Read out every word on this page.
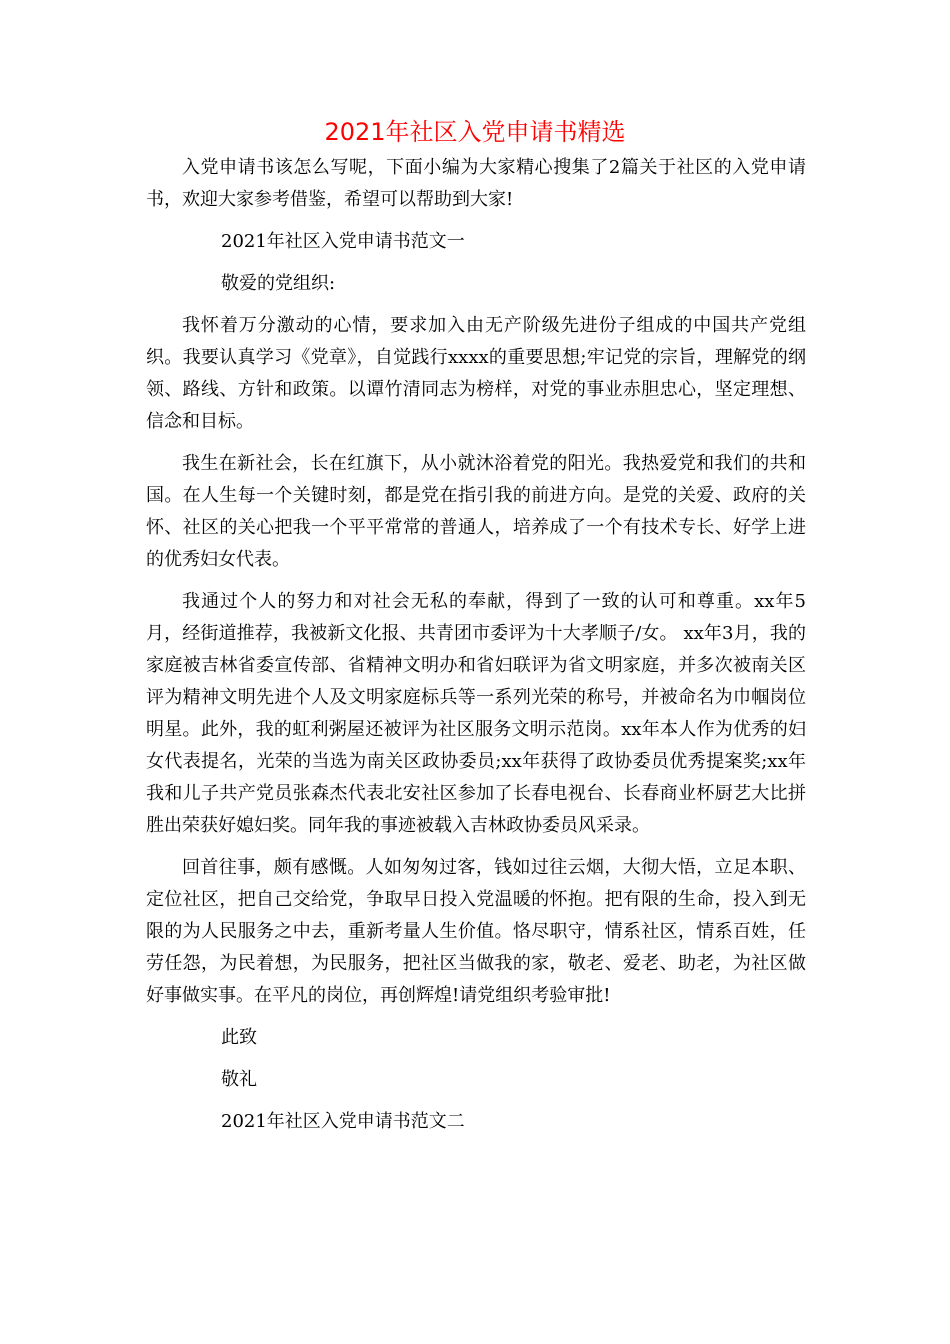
2021年社区入党申请书精选

入党申请书该怎么写呢，下面小编为大家精心搜集了2篇关于社区的入党申请书，欢迎大家参考借鉴，希望可以帮助到大家!

2021年社区入党申请书范文一

敬爱的党组织:

我怀着万分激动的心情，要求加入由无产阶级先进份子组成的中国共产党组织。我要认真学习《党章》，自觉践行xxxx的重要思想;牢记党的宗旨，理解党的纲领、路线、方针和政策。以谭竹清同志为榜样，对党的事业赤胆忠心，坚定理想、信念和目标。

我生在新社会，长在红旗下，从小就沐浴着党的阳光。我热爱党和我们的共和国。在人生每一个关键时刻，都是党在指引我的前进方向。是党的关爱、政府的关怀、社区的关心把我一个平平常常的普通人，培养成了一个有技术专长、好学上进的优秀妇女代表。

我通过个人的努力和对社会无私的奉献，得到了一致的认可和尊重。xx年5月，经街道推荐，我被新文化报、共青团市委评为十大孝顺子/女。 xx年3月，我的家庭被吉林省委宣传部、省精神文明办和省妇联评为省文明家庭，并多次被南关区评为精神文明先进个人及文明家庭标兵等一系列光荣的称号，并被命名为巾帼岗位明星。此外，我的虹利粥屋还被评为社区服务文明示范岗。xx年本人作为优秀的妇女代表提名，光荣的当选为南关区政协委员;xx年获得了政协委员优秀提案奖;xx年我和儿子共产党员张森杰代表北安社区参加了长春电视台、长春商业杯厨艺大比拼胜出荣获好媳妇奖。同年我的事迹被载入吉林政协委员风采录。

回首往事，颇有感慨。人如匆匆过客，钱如过往云烟，大彻大悟，立足本职、定位社区，把自己交给党，争取早日投入党温暖的怀抱。把有限的生命，投入到无限的为人民服务之中去，重新考量人生价值。恪尽职守，情系社区，情系百姓，任劳任怨，为民着想，为民服务，把社区当做我的家，敬老、爱老、助老，为社区做好事做实事。在平凡的岗位，再创辉煌!请党组织考验审批!

此致

敬礼

2021年社区入党申请书范文二
